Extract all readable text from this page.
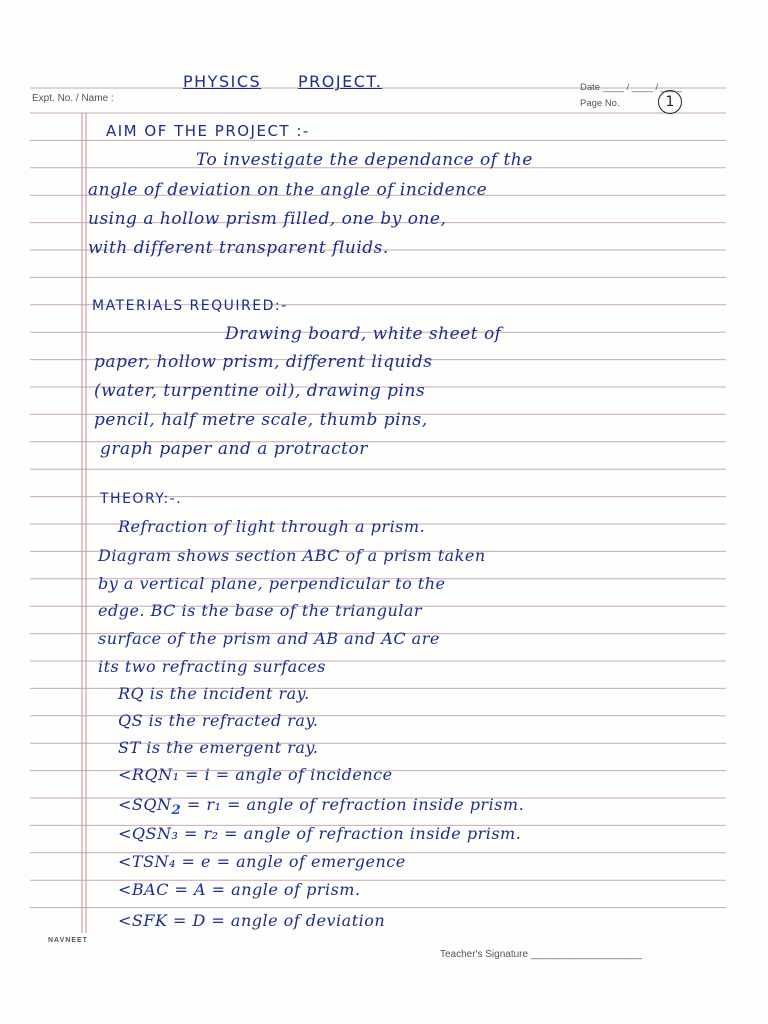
PHYSICS PROJECT.
Expt. No. / Name :
Date ____ / ____ / ____
Page No.	1
AIM OF THE PROJECT :-
To investigate the dependance of the
angle of deviation on the angle of incidence
using a hollow prism filled, one by one,
with different transparent fluids.
MATERIALS REQUIRED:-
Drawing board, white sheet of
paper, hollow prism, different liquids
(water, turpentine oil), drawing pins
pencil, half metre scale, thumb pins,
graph paper and a protractor
THEORY:-.
Refraction of light through a prism.
Diagram shows section ABC of a prism taken
by a vertical plane, perpendicular to the
edge. BC is the base of the triangular
surface of the prism and AB and AC are
its two refracting surfaces
RQ is the incident ray.
QS is the refracted ray.
ST is the emergent ray.
<RQN₁ = i = angle of incidence
$<SQN_2 = r_1$ = angle of refraction inside prism.
<QSN₃ = r₂ = angle of refraction inside prism.
<TSN₄ = e = angle of emergence
<BAC = A = angle of prism.
<SFK = D = angle of deviation
NAVNEET
Teacher's Signature ____________________
